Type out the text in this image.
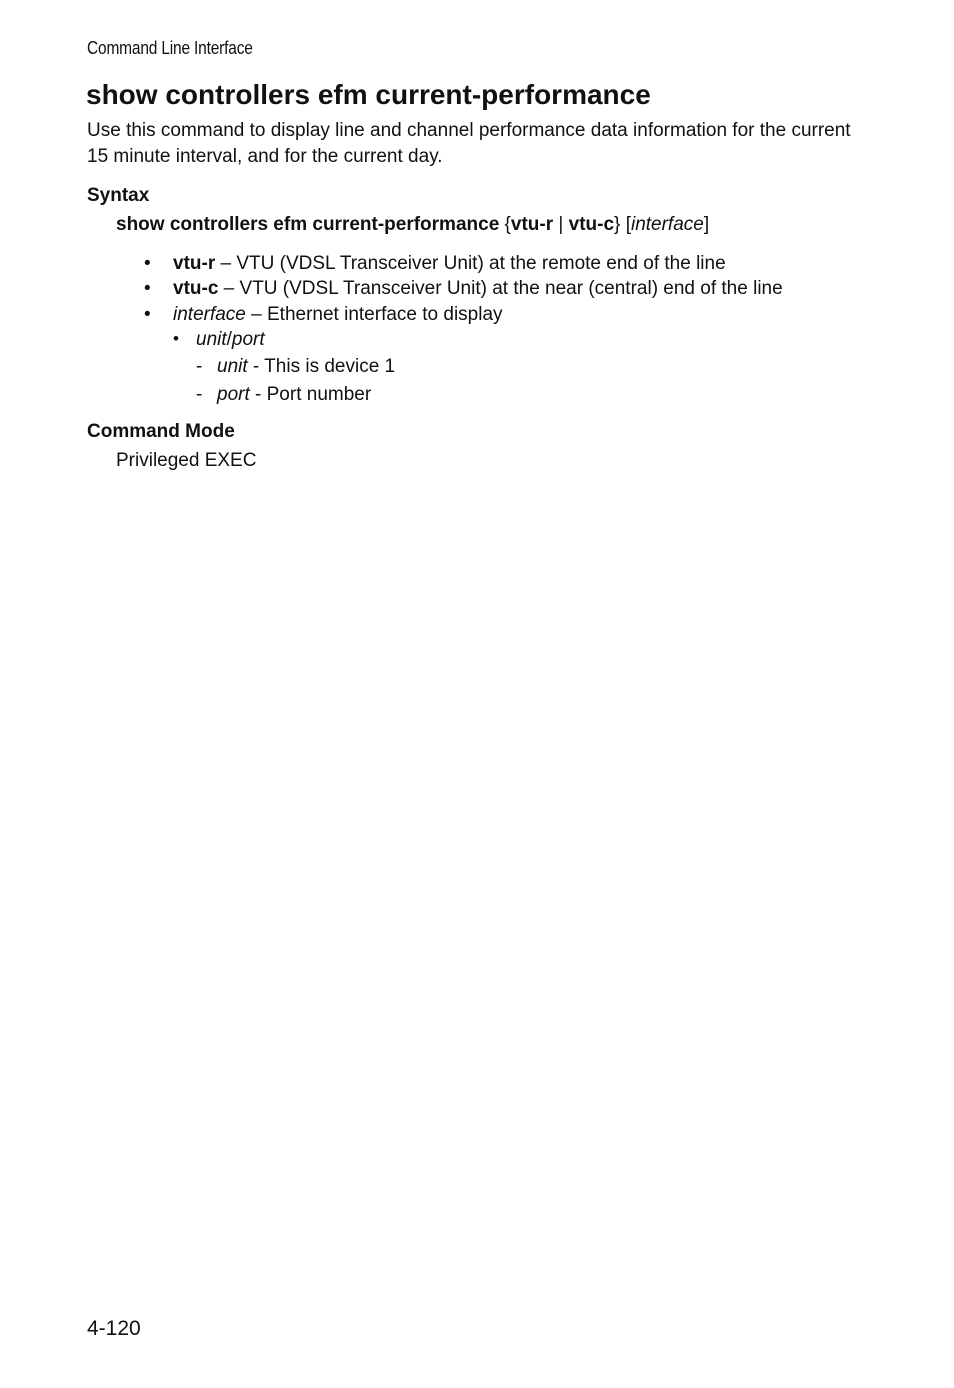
Command Line Interface
show controllers efm current-performance
Use this command to display line and channel performance data information for the current 15 minute interval, and for the current day.
Syntax
show controllers efm current-performance {vtu-r | vtu-c} [interface]
• vtu-r – VTU (VDSL Transceiver Unit) at the remote end of the line
• vtu-c – VTU (VDSL Transceiver Unit) at the near (central) end of the line
• interface – Ethernet interface to display
• unit/port
- unit - This is device 1
- port - Port number
Command Mode
Privileged EXEC
4-120
